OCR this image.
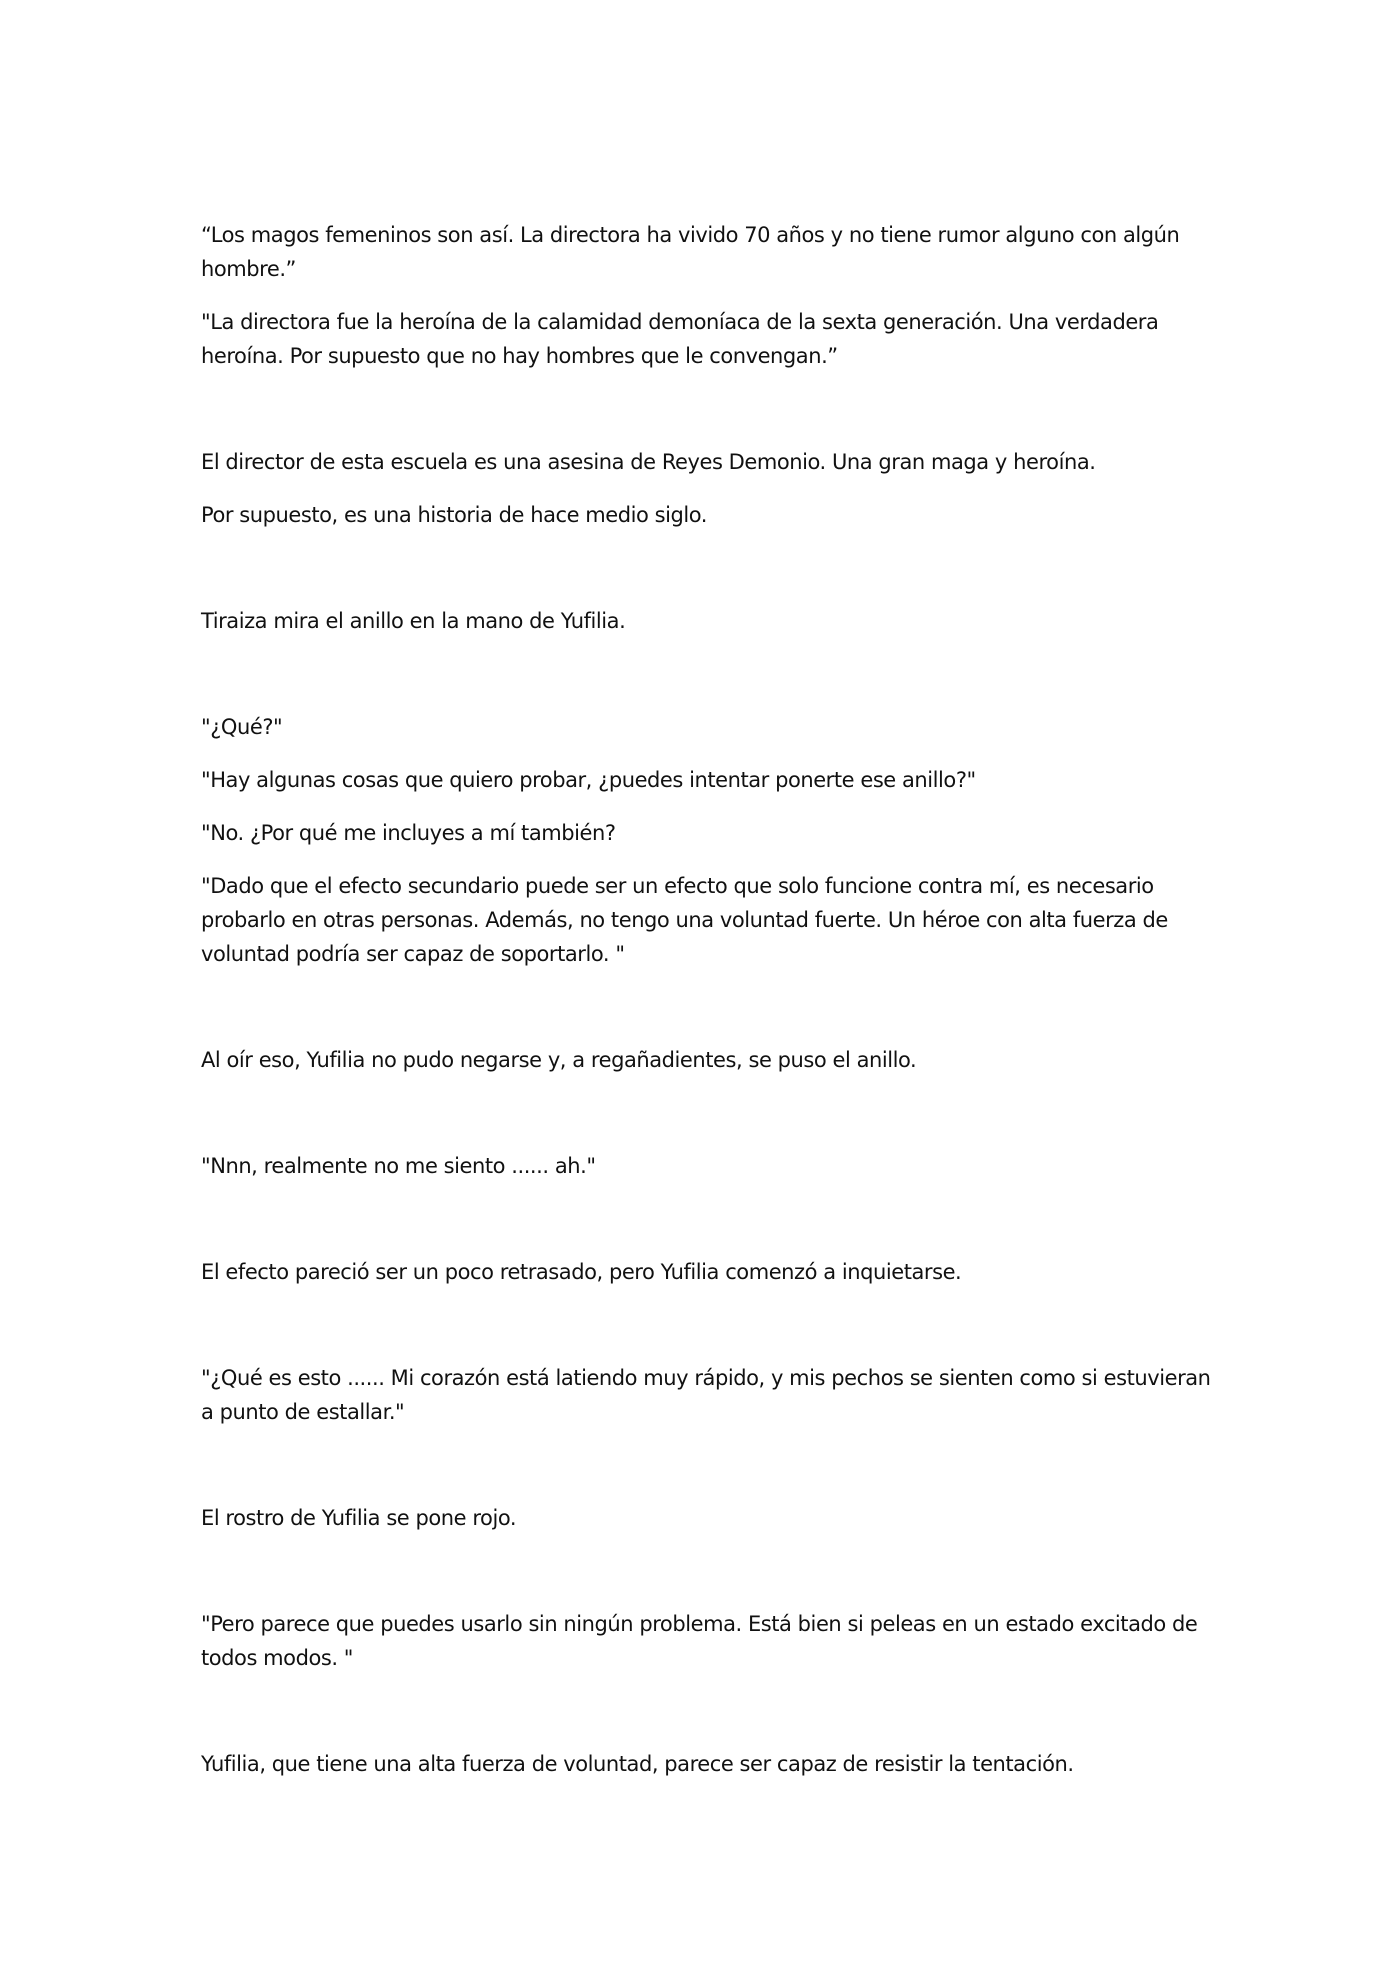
“Los magos femeninos son así. La directora ha vivido 70 años y no tiene rumor alguno con algún hombre.”

"La directora fue la heroína de la calamidad demoníaca de la sexta generación. Una verdadera heroína. Por supuesto que no hay hombres que le convengan.”

El director de esta escuela es una asesina de Reyes Demonio. Una gran maga y heroína.

Por supuesto, es una historia de hace medio siglo.

Tiraiza mira el anillo en la mano de Yufilia.

"¿Qué?"

"Hay algunas cosas que quiero probar, ¿puedes intentar ponerte ese anillo?"

"No. ¿Por qué me incluyes a mí también?

"Dado que el efecto secundario puede ser un efecto que solo funcione contra mí, es necesario probarlo en otras personas. Además, no tengo una voluntad fuerte. Un héroe con alta fuerza de voluntad podría ser capaz de soportarlo. "

Al oír eso, Yufilia no pudo negarse y, a regañadientes, se puso el anillo.

"Nnn, realmente no me siento ...... ah."

El efecto pareció ser un poco retrasado, pero Yufilia comenzó a inquietarse.

"¿Qué es esto ...... Mi corazón está latiendo muy rápido, y mis pechos se sienten como si estuvieran a punto de estallar."

El rostro de Yufilia se pone rojo.

"Pero parece que puedes usarlo sin ningún problema. Está bien si peleas en un estado excitado de todos modos. "

Yufilia, que tiene una alta fuerza de voluntad, parece ser capaz de resistir la tentación.
